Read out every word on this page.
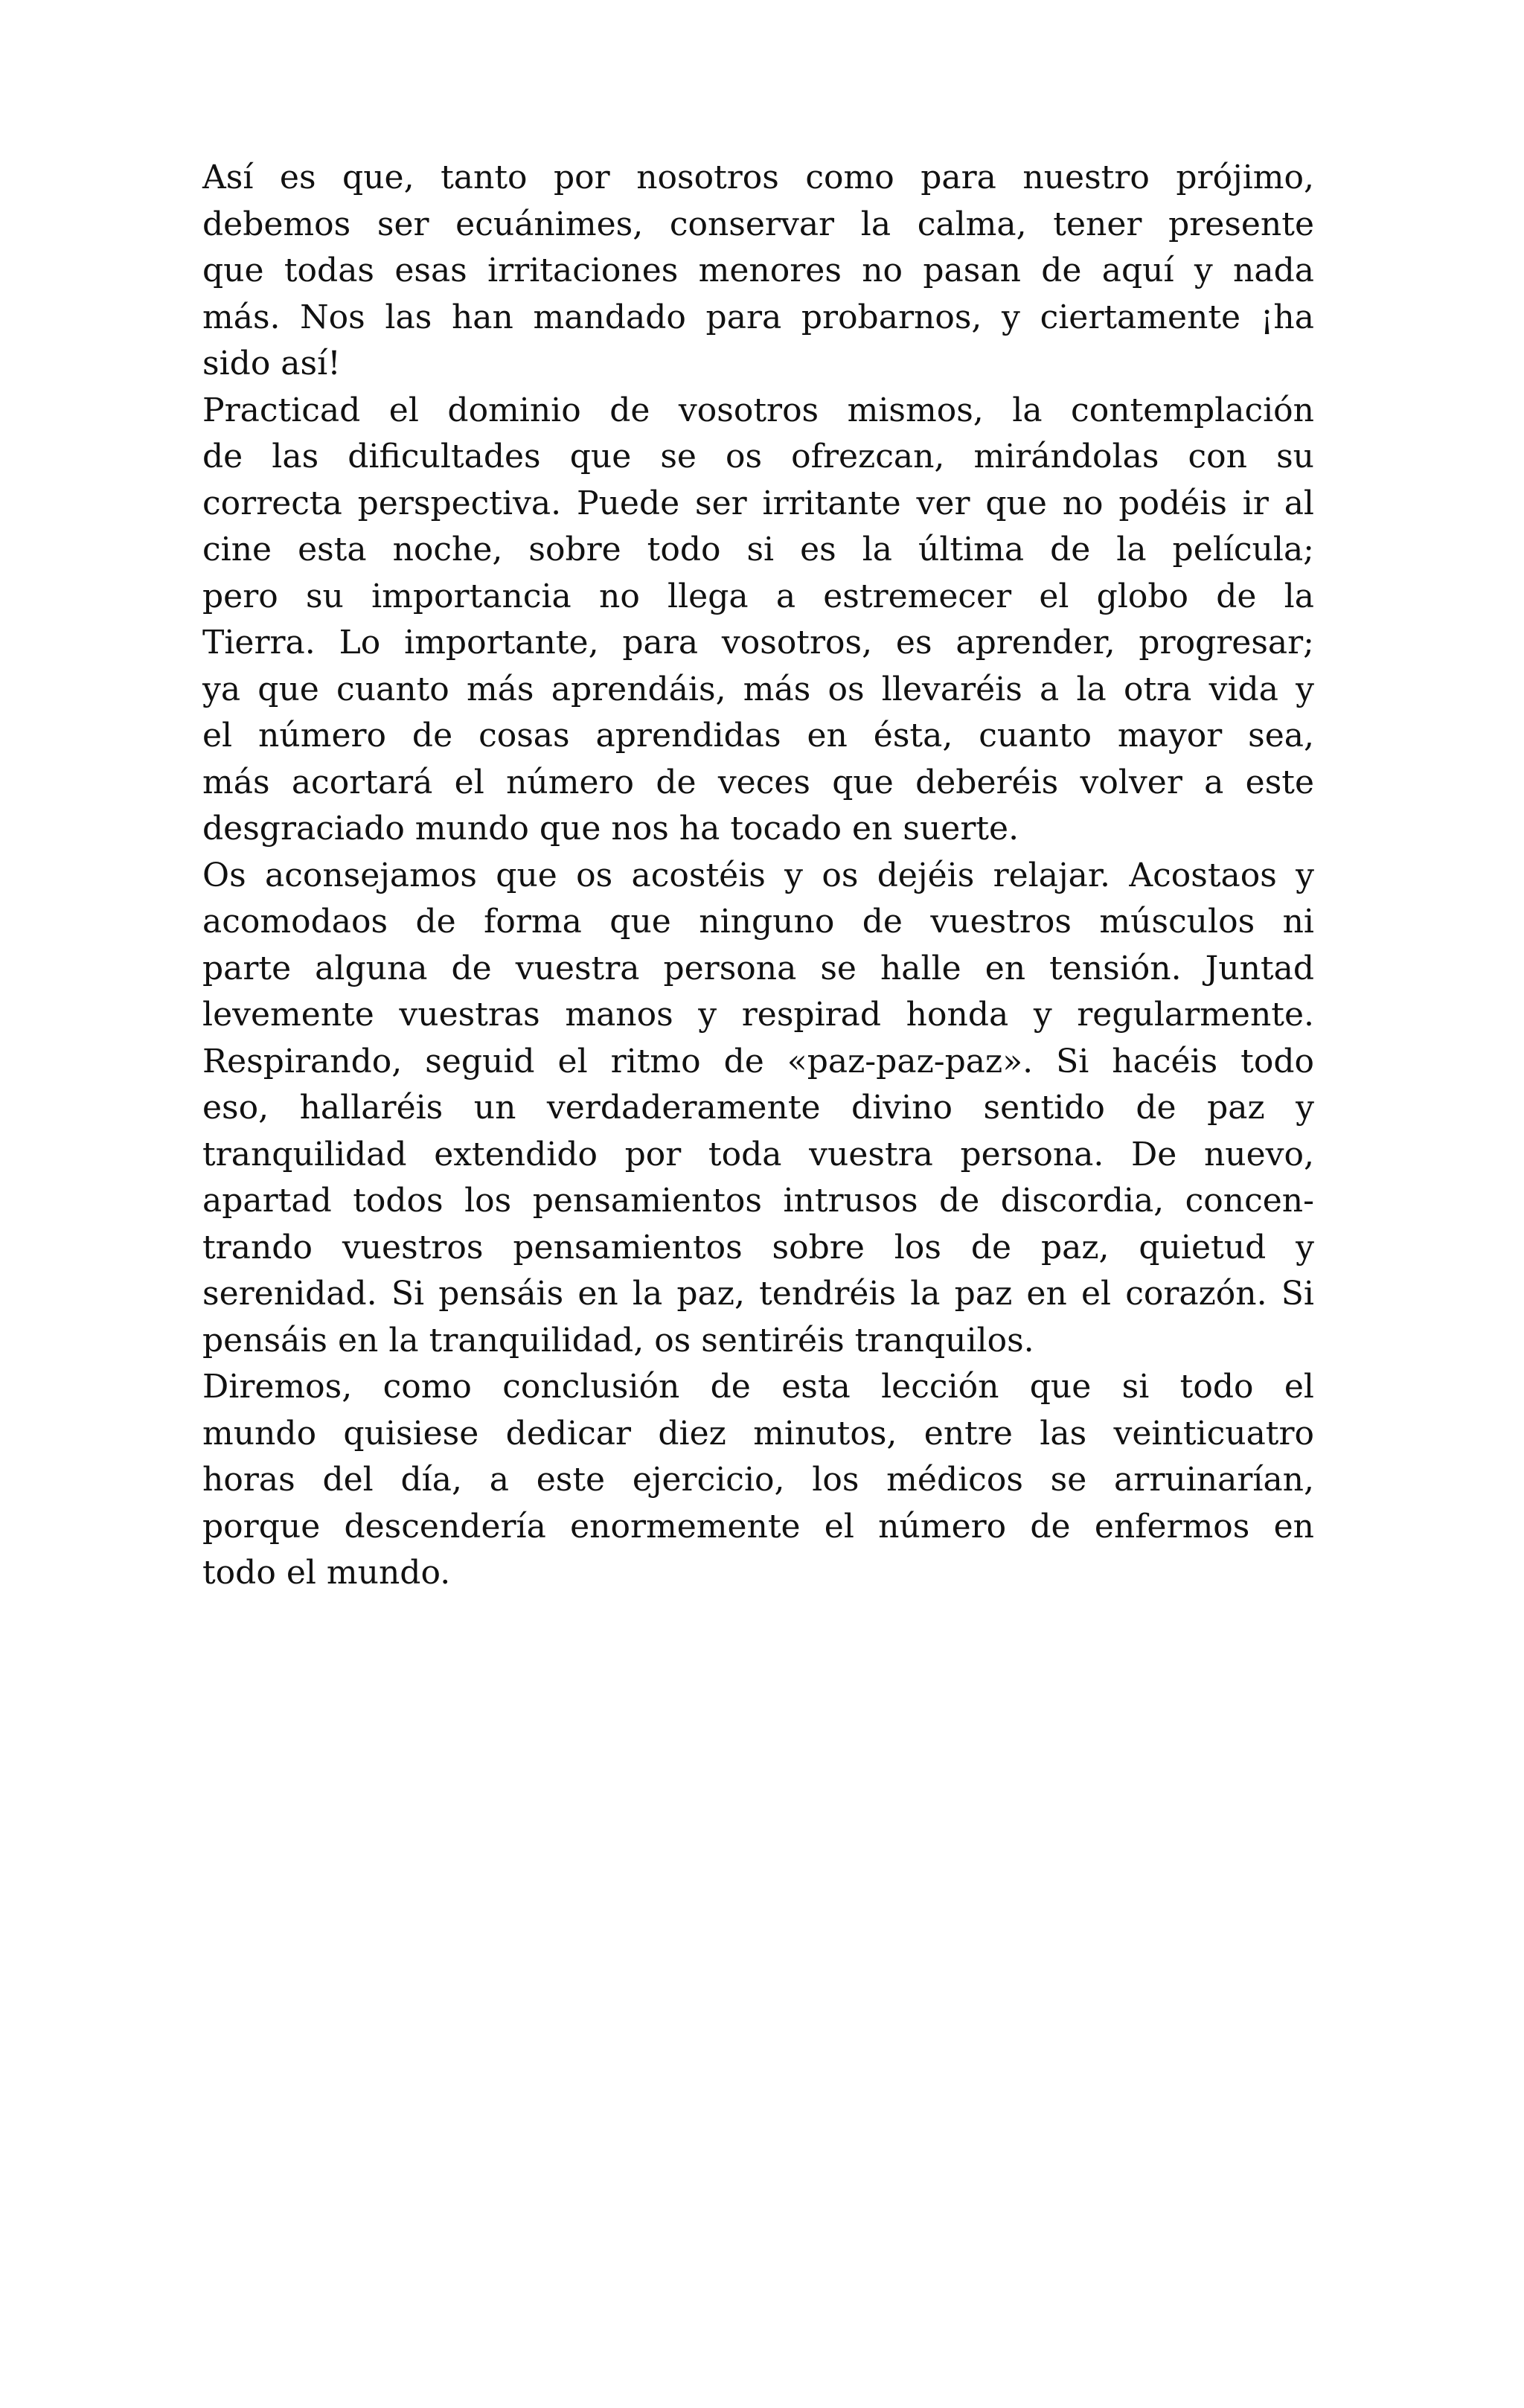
Así es que, tanto por nosotros como para nuestro prójimo,
debemos ser ecuánimes, conservar la calma, tener presente
que todas esas irritaciones menores no pasan de aquí y nada
más. Nos las han mandado para probarnos, y ciertamente ¡ha
sido así!

Practicad el dominio de vosotros mismos, la contemplación
de las dificultades que se os ofrezcan, mirándolas con su
correcta perspectiva. Puede ser irritante ver que no podéis ir al
cine esta noche, sobre todo si es la última de la película;
pero su importancia no llega a estremecer el globo de la
Tierra. Lo importante, para vosotros, es aprender, progresar;
ya que cuanto más aprendáis, más os llevaréis a la otra vida y
el número de cosas aprendidas en ésta, cuanto mayor sea,
más acortará el número de veces que deberéis volver a este
desgraciado mundo que nos ha tocado en suerte.

Os aconsejamos que os acostéis y os dejéis relajar. Acostaos y
acomodaos de forma que ninguno de vuestros músculos ni
parte alguna de vuestra persona se halle en tensión. Juntad
levemente vuestras manos y respirad honda y regularmente.
Respirando, seguid el ritmo de «paz-paz-paz». Si hacéis todo
eso, hallaréis un verdaderamente divino sentido de paz y
tranquilidad extendido por toda vuestra persona. De nuevo,
apartad todos los pensamientos intrusos de discordia, concen-
trando vuestros pensamientos sobre los de paz, quietud y
serenidad. Si pensáis en la paz, tendréis la paz en el corazón. Si
pensáis en la tranquilidad, os sentiréis tranquilos.

Diremos, como conclusión de esta lección que si todo el
mundo quisiese dedicar diez minutos, entre las veinticuatro
horas del día, a este ejercicio, los médicos se arruinarían,
porque descendería enormemente el número de enfermos en
todo el mundo.
